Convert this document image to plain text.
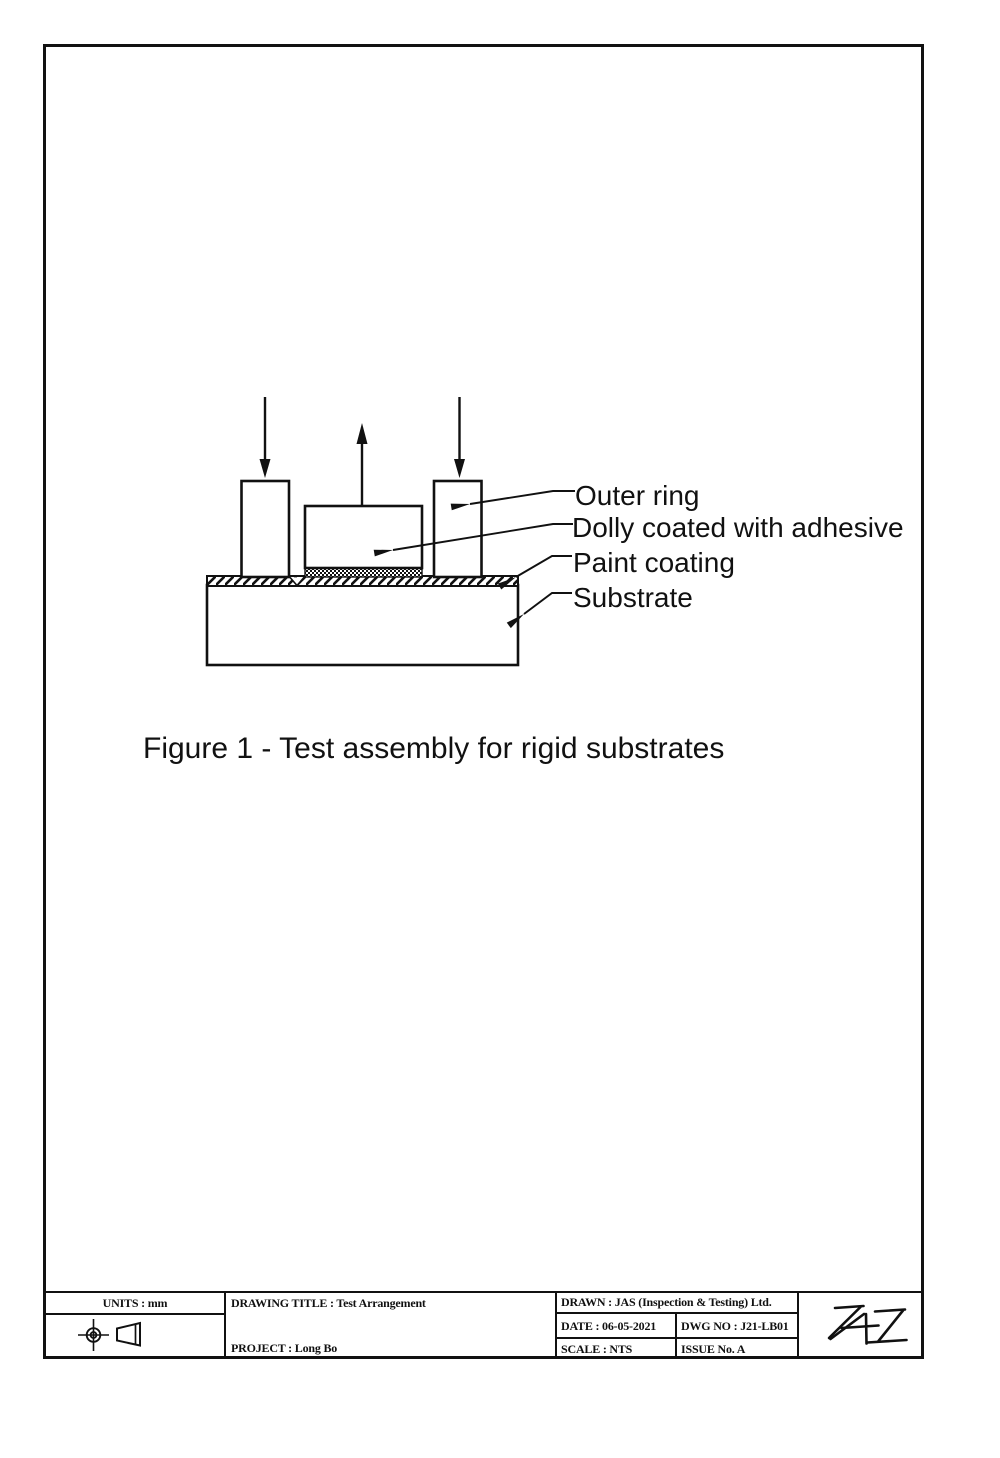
Outer ring
Dolly coated with adhesive
Paint coating
Substrate
Figure 1 - Test assembly for rigid substrates
UNITS : mm	DRAWING TITLE : Test Arrangement
PROJECT : Long Bo
DRAWN : JAS (Inspection & Testing) Ltd.
DATE : 06-05-2021 DWG NO : J21-LB01
SCALE : NTS	ISSUE No. A
